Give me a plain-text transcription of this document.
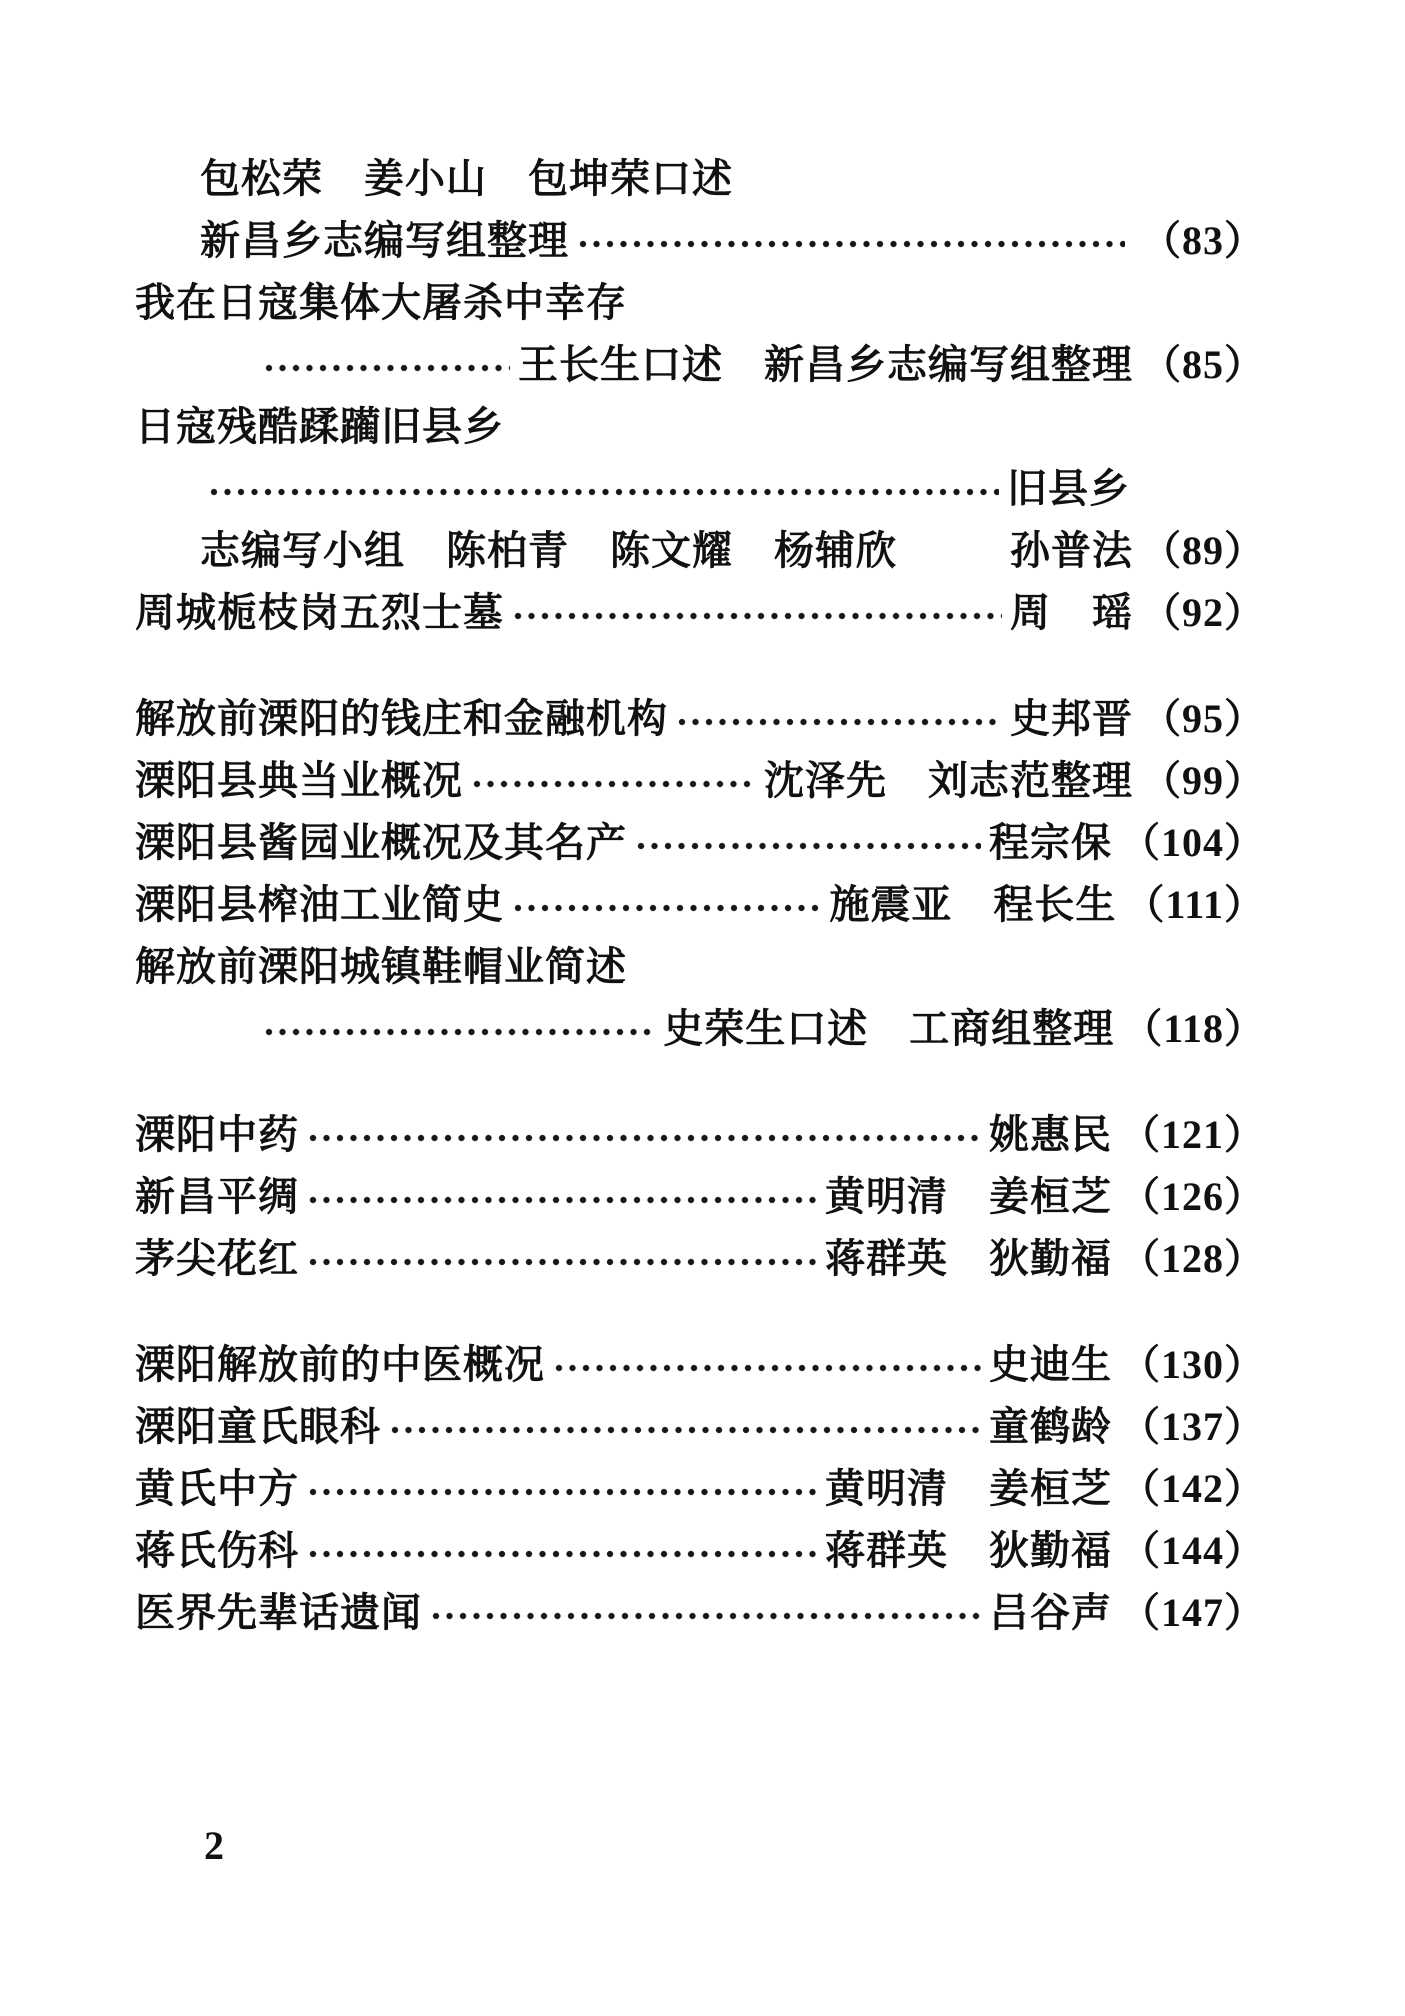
包松荣　姜小山　包坤荣口述
新昌乡志编写组整理	（83）
我在日寇集体大屠杀中幸存
王长生口述　新昌乡志编写组整理 （85）
日寇残酷蹂躏旧县乡
旧县乡
志编写小组　陈柏青　陈文耀　杨辅欣	孙普法 （89）
周城栀枝岗五烈士墓	周　瑶 （92）
解放前溧阳的钱庄和金融机构	史邦晋 （95）
溧阳县典当业概况	沈泽先　刘志范整理 （99）
溧阳县酱园业概况及其名产	程宗保 （104）
溧阳县榨油工业简史	施震亚　程长生 （111）
解放前溧阳城镇鞋帽业简述
史荣生口述　工商组整理 （118）
溧阳中药	姚惠民 （121）
新昌平绸	黄明清　姜桓芝 （126）
茅尖花红	蒋群英　狄勤福 （128）
溧阳解放前的中医概况	史迪生 （130）
溧阳童氏眼科	童鹤龄 （137）
黄氏中方	黄明清　姜桓芝 （142）
蒋氏伤科	蒋群英　狄勤福 （144）
医界先辈话遗闻	吕谷声 （147）
2
